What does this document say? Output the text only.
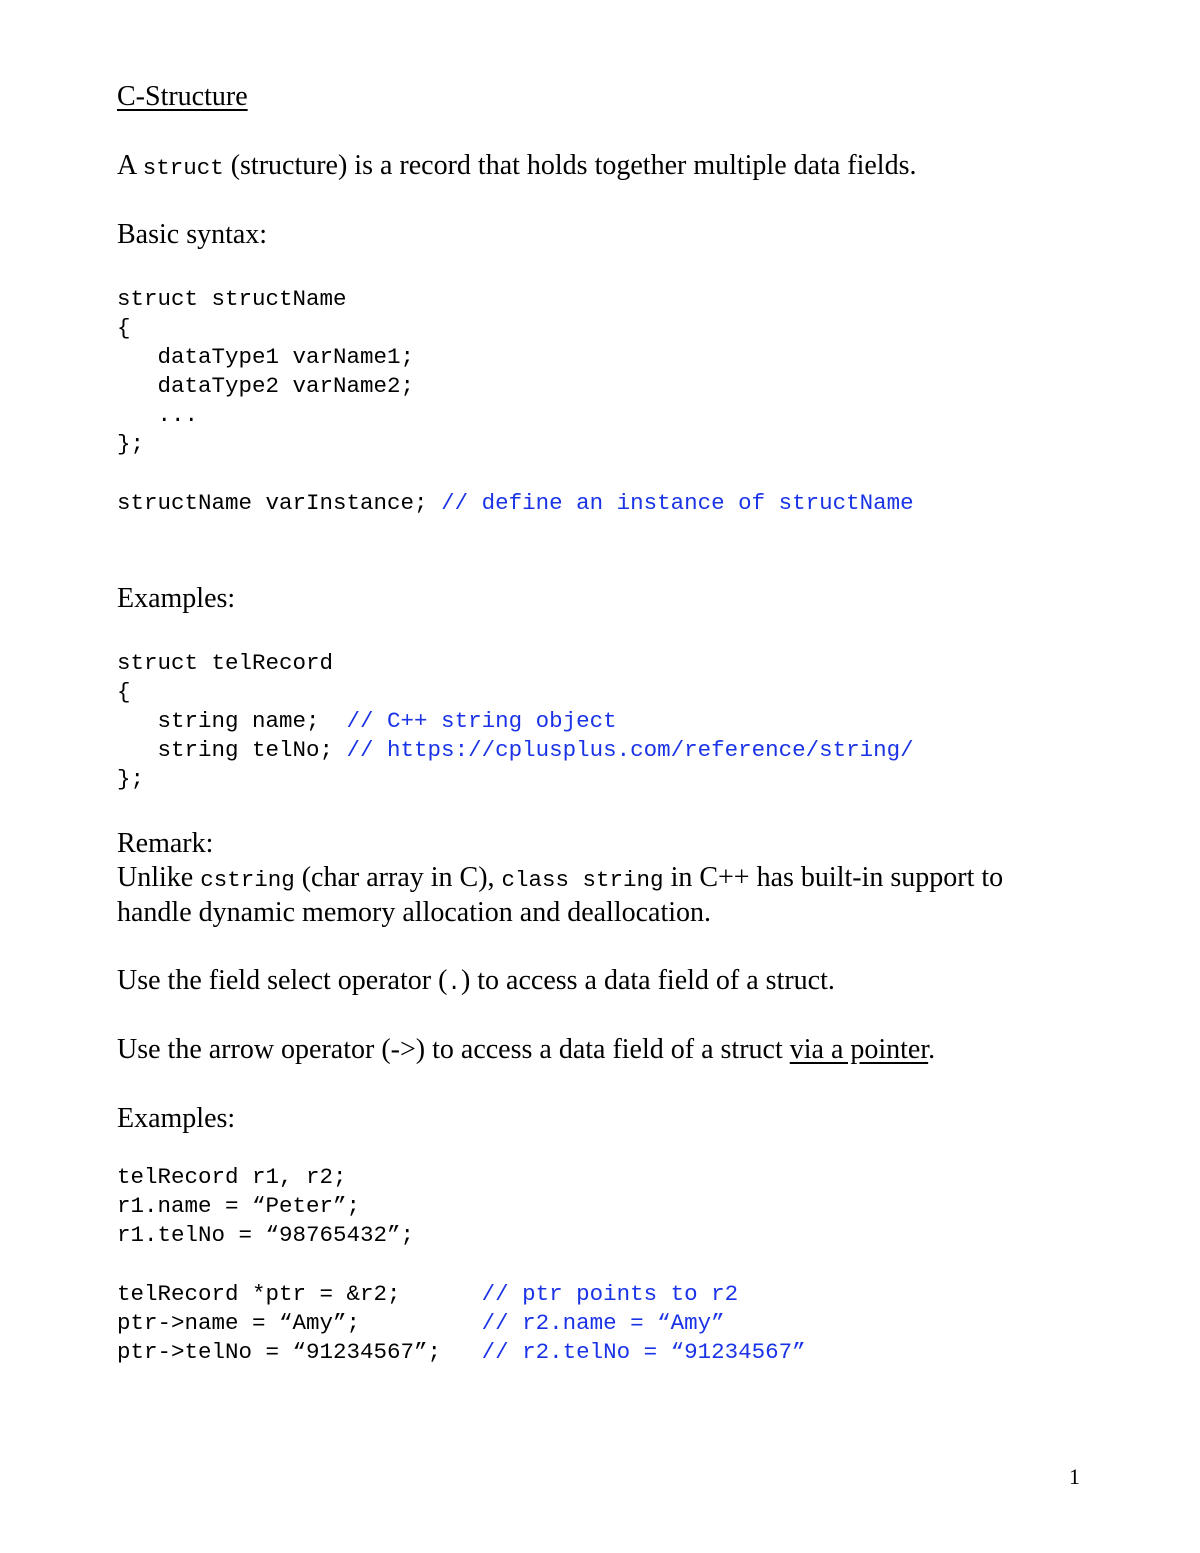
C-Structure
A struct (structure) is a record that holds together multiple data fields.
Basic syntax:
struct structName
{
dataType1 varName1;
dataType2 varName2;
...
};
structName varInstance; // define an instance of structName
Examples:
struct telRecord
{
string name;  // C++ string object
string telNo; // https://cplusplus.com/reference/string/
};
Remark:
Unlike cstring (char array in C), class string in C++ has built-in support to
handle dynamic memory allocation and deallocation.
Use the field select operator (.) to access a data field of a struct.
Use the arrow operator (->) to access a data field of a struct via a pointer.
Examples:
telRecord r1, r2;
r1.name = “Peter”;
r1.telNo = “98765432”;
telRecord *ptr = &r2;      // ptr points to r2
ptr->name = “Amy”;         // r2.name = “Amy”
ptr->telNo = “91234567”;   // r2.telNo = “91234567”
1
